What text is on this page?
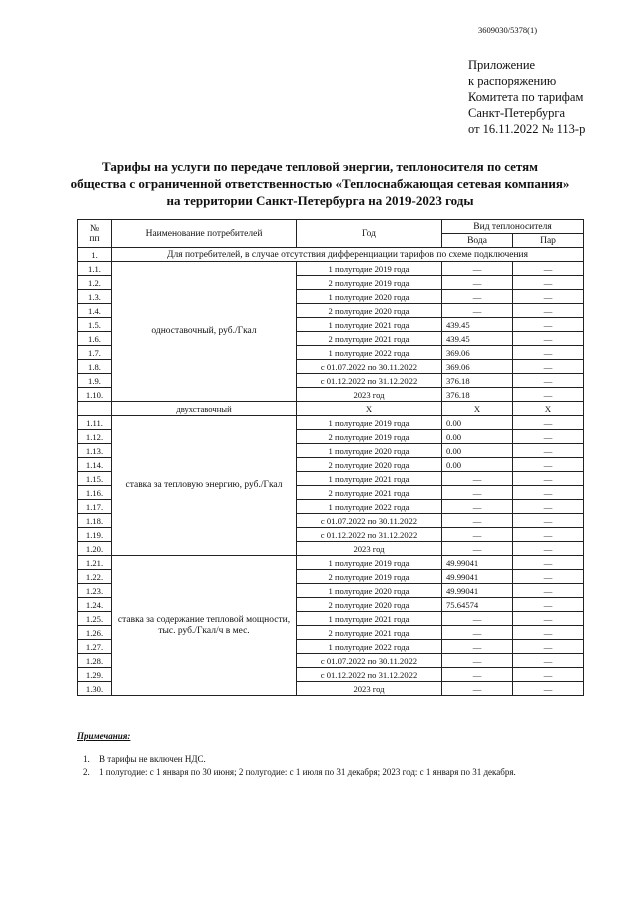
3609030/5378(1)
Приложение
к распоряжению
Комитета по тарифам
Санкт-Петербурга
от 16.11.2022 № 113-р
Тарифы на услуги по передаче тепловой энергии, теплоносителя по сетям
общества с ограниченной ответственностью «Теплоснабжающая сетевая компания»
на территории Санкт-Петербурга на 2019-2023 годы
№
пп	Наименование потребителей	Год	Вид теплоносителя	
			Вода	Пар
1.	Для потребителей, в случае отсутствия дифференциации тарифов по схеме подключения			
1.1.	одноставочный, руб./Гкал	1 полугодие 2019 года	—	—
1.2.		2 полугодие 2019 года	—	—
1.3.		1 полугодие 2020 года	—	—
1.4.		2 полугодие 2020 года	—	—
1.5.		1 полугодие 2021 года	439.45	—
1.6.		2 полугодие 2021 года	439.45	—
1.7.		1 полугодие 2022 года	369.06	—
1.8.		с 01.07.2022 по 30.11.2022	369.06	—
1.9.		с 01.12.2022 по 31.12.2022	376.18	—
1.10.		2023 год	376.18	—
	двухставочный	X	X	X
1.11.	ставка за тепловую энергию, руб./Гкал	1 полугодие 2019 года	0.00	—
1.12.		2 полугодие 2019 года	0.00	—
1.13.		1 полугодие 2020 года	0.00	—
1.14.		2 полугодие 2020 года	0.00	—
1.15.		1 полугодие 2021 года	—	—
1.16.		2 полугодие 2021 года	—	—
1.17.		1 полугодие 2022 года	—	—
1.18.		с 01.07.2022 по 30.11.2022	—	—
1.19.		с 01.12.2022 по 31.12.2022	—	—
1.20.		2023 год	—	—
1.21.	ставка за содержание тепловой мощности, тыс. руб./Гкал/ч в мес.	1 полугодие 2019 года	49.99041	—
1.22.		2 полугодие 2019 года	49.99041	—
1.23.		1 полугодие 2020 года	49.99041	—
1.24.		2 полугодие 2020 года	75.64574	—
1.25.		1 полугодие 2021 года	—	—
1.26.		2 полугодие 2021 года	—	—
1.27.		1 полугодие 2022 года	—	—
1.28.		с 01.07.2022 по 30.11.2022	—	—
1.29.		с 01.12.2022 по 31.12.2022	—	—
1.30.		2023 год	—	—
Примечания:
1. В тарифы не включен НДС.
2. 1 полугодие: с 1 января по 30 июня; 2 полугодие: с 1 июля по 31 декабря; 2023 год: с 1 января по 31 декабря.
